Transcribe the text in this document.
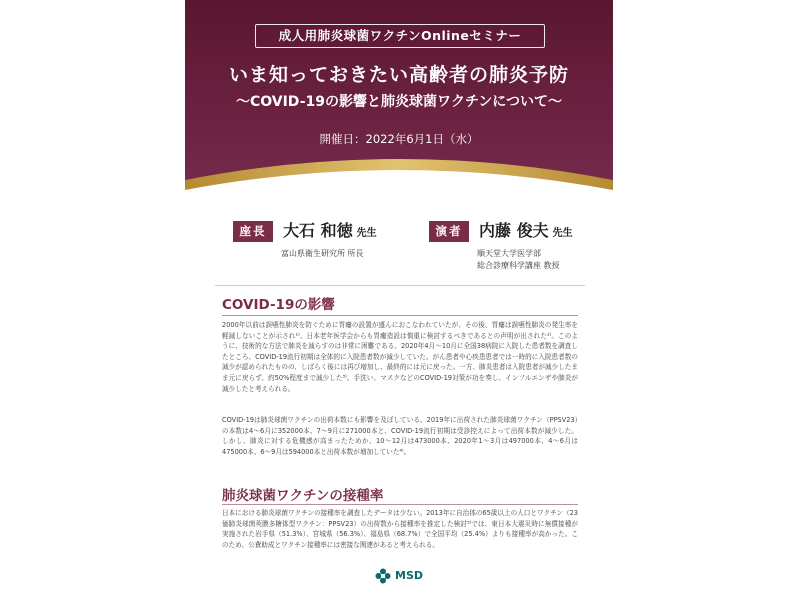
成人用肺炎球菌ワクチンOnlineセミナー
いま知っておきたい高齢者の肺炎予防
〜COVID-19の影響と肺炎球菌ワクチンについて〜
開催日：2022年6月1日（水）
座長	大石 和徳 先生
富山県衛生研究所 所長
演者	内藤 俊夫 先生
順天堂大学医学部
総合診療科学講座 教授
COVID-19の影響

2000年以前は誤嚥性肺炎を防ぐために胃瘻の設置が盛んにおこなわれていたが、その後、胃瘻は誤嚥性肺炎の発生率を軽減しないことが示され¹⁾、日本老年医学会からも胃瘻造設は慎重に検討するべきであるとの声明が出された²⁾。このように、技術的な方法で肺炎を減らすのは非常に困難である。2020年4月〜10月に全国38病院に入院した患者数を調査したところ、COVID-19流行初期は全体的に入院患者数が減少していた。がん患者や心疾患患者では一時的に入院患者数の減少が認められたものの、しばらく後には再び増加し、最終的には元に戻った。一方、肺炎患者は入院患者が減少したまま元に戻らず、約50%程度まで減少した³⁾。手洗い、マスクなどのCOVID-19対策が功を奏し、インフルエンザや肺炎が減少したと考えられる。

COVID-19は肺炎球菌ワクチンの出荷本数にも影響を及ぼしている。2019年に出荷された肺炎球菌ワクチン（PPSV23）の本数は4〜6月に352000本、7〜9月に271000本と、COVID-19流行初期は受診控えによって出荷本数が減少した。しかし、肺炎に対する危機感が高まったためか、10〜12月は473000本、2020年1〜3月は497000本、4〜6月は475000本、6〜9月は594000本と出荷本数が増加していた⁴⁾。

肺炎球菌ワクチンの接種率

日本における肺炎球菌ワクチンの接種率を調査したデータは少ない。2013年に自治体の65歳以上の人口とワクチン（23価肺炎球菌莢膜多糖体型ワクチン：PPSV23）の出荷数から接種率を推定した検討⁵⁾では、東日本大震災時に無償接種が実施された岩手県（51.3%）、宮城県（56.3%）、福島県（68.7%）で全国平均（25.4%）よりも接種率が高かった。このため、公費助成とワクチン接種率には密接な関連があると考えられる。

MSD
